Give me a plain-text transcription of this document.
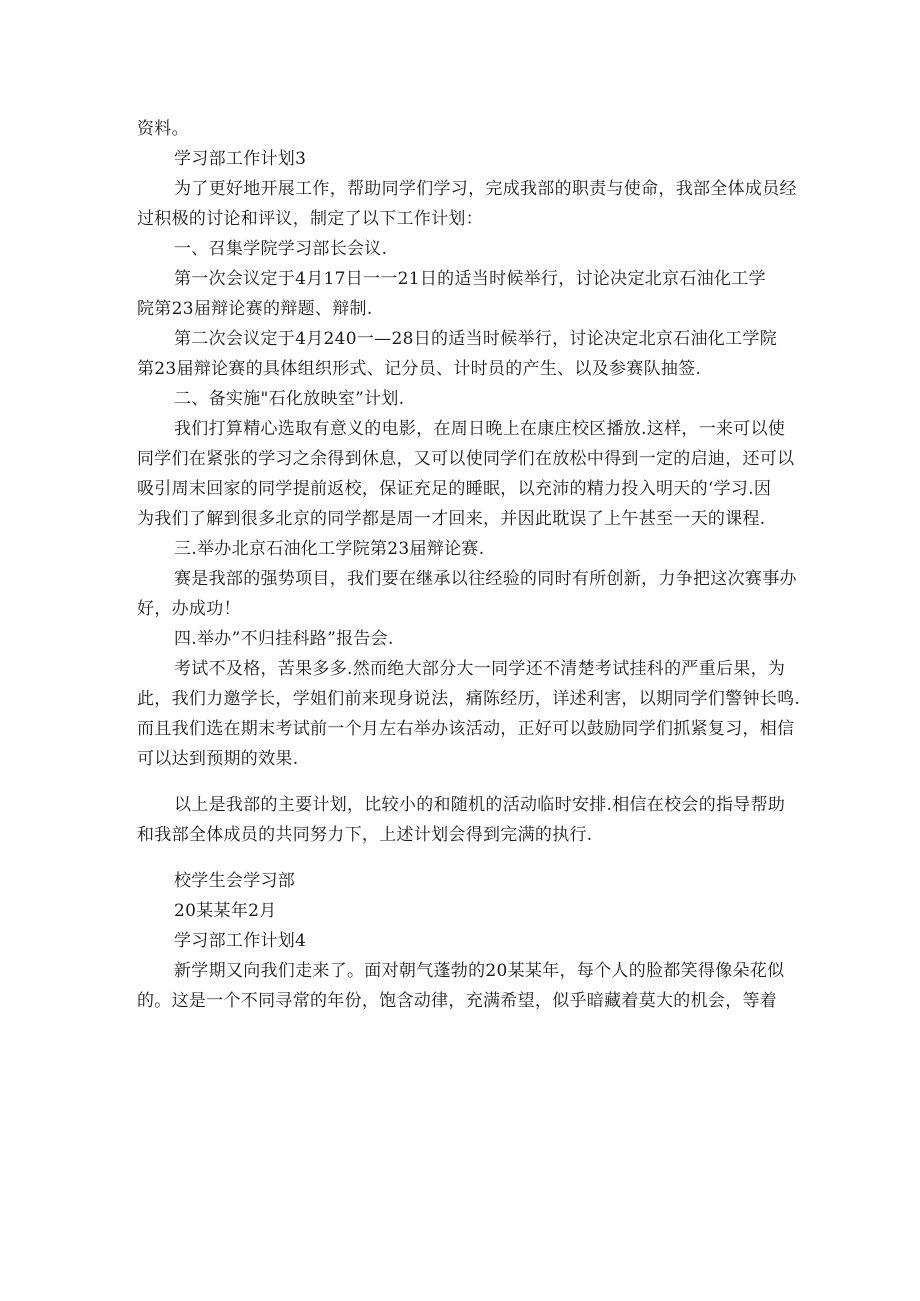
资料。
学习部工作计划3
为了更好地开展工作，帮助同学们学习，完成我部的职责与使命，我部全体成员经
过积极的讨论和评议，制定了以下工作计划：
一、召集学院学习部长会议.
第一次会议定于4月17日一一21日的适当时候举行，讨论决定北京石油化工学
院第23届辩论赛的辩题、辩制.
第二次会议定于4月240一—28日的适当时候举行，讨论决定北京石油化工学院
第23届辩论赛的具体组织形式、记分员、计时员的产生、以及参赛队抽签.
二、备实施"石化放映室”计划.
我们打算精心选取有意义的电影，在周日晚上在康庄校区播放.这样，一来可以使
同学们在紧张的学习之余得到休息，又可以使同学们在放松中得到一定的启迪，还可以
吸引周末回家的同学提前返校，保证充足的睡眠，以充沛的精力投入明天的‘学习.因
为我们了解到很多北京的同学都是周一才回来，并因此耽误了上午甚至一天的课程.
三.举办北京石油化工学院第23届辩论赛.
赛是我部的强势项目，我们要在继承以往经验的同时有所创新，力争把这次赛事办
好，办成功！
四.举办”不归挂科路”报告会.
考试不及格，苦果多多.然而绝大部分大一同学还不清楚考试挂科的严重后果，为
此，我们力邀学长，学姐们前来现身说法，痛陈经历，详述利害，以期同学们警钟长鸣.
而且我们选在期末考试前一个月左右举办该活动，正好可以鼓励同学们抓紧复习，相信
可以达到预期的效果.
以上是我部的主要计划，比较小的和随机的活动临时安排.相信在校会的指导帮助
和我部全体成员的共同努力下，上述计划会得到完满的执行.
校学生会学习部
20某某年2月
学习部工作计划4
新学期又向我们走来了。面对朝气蓬勃的20某某年，每个人的脸都笑得像朵花似
的。这是一个不同寻常的年份，饱含动律，充满希望，似乎暗藏着莫大的机会，等着
